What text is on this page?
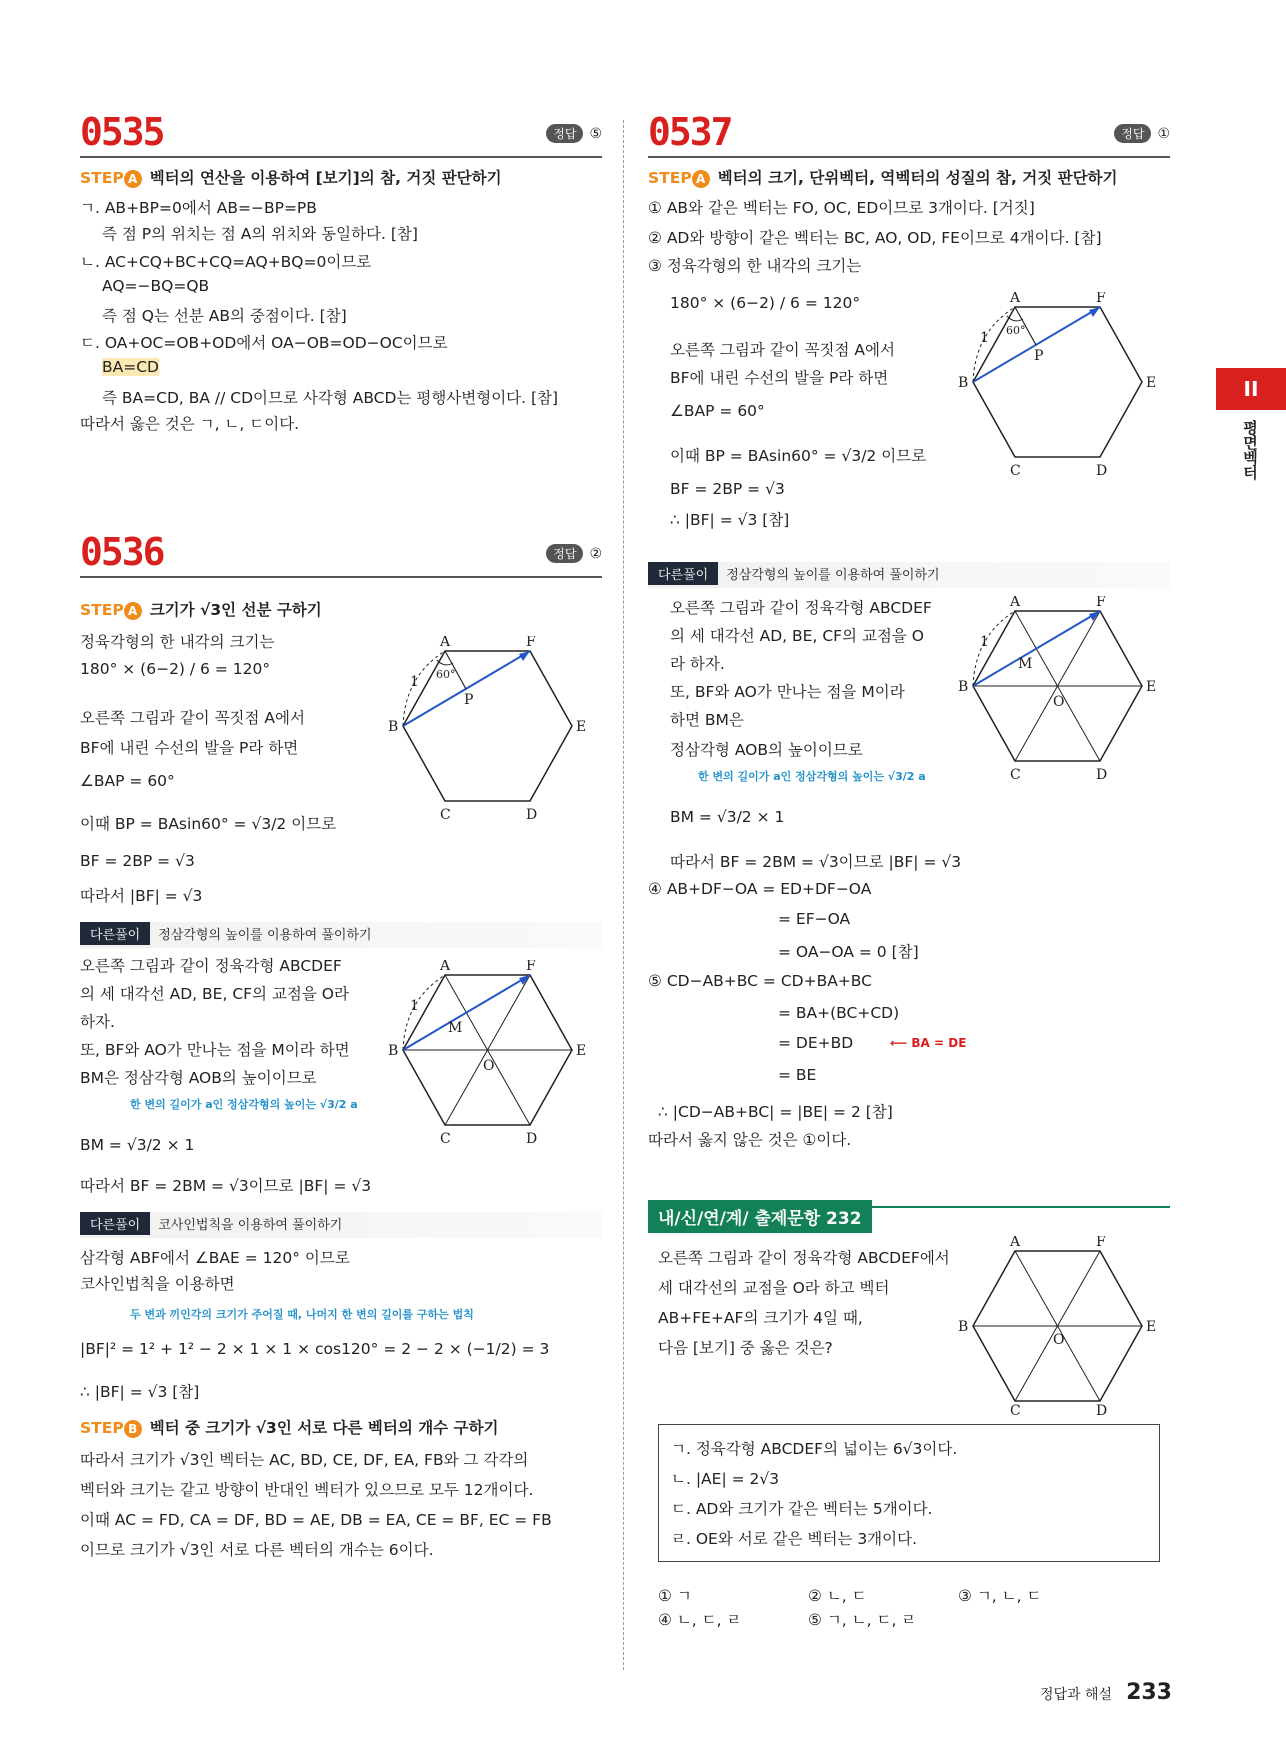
0535	정답 ⑤
STEP A 벡터의 연산을 이용하여 [보기]의 참, 거짓 판단하기
ㄱ. AB+BP=0에서 AB=−BP=PB
즉 점 P의 위치는 점 A의 위치와 동일하다. [참]
ㄴ. AC+CQ+BC+CQ=AQ+BQ=0이므로
AQ=−BQ=QB
즉 점 Q는 선분 AB의 중점이다. [참]
ㄷ. OA+OC=OB+OD에서 OA−OB=OD−OC이므로
BA=CD
즉 BA=CD, BA // CD이므로 사각형 ABCD는 평행사변형이다. [참]
따라서 옳은 것은 ㄱ, ㄴ, ㄷ이다.
0536	정답 ②
STEP A 크기가 √3인 선분 구하기
정육각형의 한 내각의 크기는
180° × (6−2) / 6 = 120°
오른쪽 그림과 같이 꼭짓점 A에서
BF에 내린 수선의 발을 P라 하면
∠BAP = 60°
이때 BP = BAsin60° = √3/2 이므로
BF = 2BP = √3
따라서 |BF| = √3
A	F
B	E
C	D
P
1 60°
다른풀이 정삼각형의 높이를 이용하여 풀이하기
오른쪽 그림과 같이 정육각형 ABCDEF
의 세 대각선 AD, BE, CF의 교점을 O라
하자.
또, BF와 AO가 만나는 점을 M이라 하면
BM은 정삼각형 AOB의 높이이므로
한 변의 길이가 a인 정삼각형의 높이는 √3/2 a
BM = √3/2 × 1
따라서 BF = 2BM = √3이므로 |BF| = √3
A	F
B	E
C	D
O
M
1
다른풀이 코사인법칙을 이용하여 풀이하기
삼각형 ABF에서 ∠BAE = 120° 이므로
코사인법칙을 이용하면
두 변과 끼인각의 크기가 주어질 때, 나머지 한 변의 길이를 구하는 법칙
|BF|² = 1² + 1² − 2 × 1 × 1 × cos120° = 2 − 2 × (−1/2) = 3
∴ |BF| = √3 [참]
STEP B 벡터 중 크기가 √3인 서로 다른 벡터의 개수 구하기
따라서 크기가 √3인 벡터는 AC, BD, CE, DF, EA, FB와 그 각각의
벡터와 크기는 같고 방향이 반대인 벡터가 있으므로 모두 12개이다.
이때 AC = FD, CA = DF, BD = AE, DB = EA, CE = BF, EC = FB
이므로 크기가 √3인 서로 다른 벡터의 개수는 6이다.
0537	정답 ①
STEP A 벡터의 크기, 단위벡터, 역벡터의 성질의 참, 거짓 판단하기
① AB와 같은 벡터는 FO, OC, ED이므로 3개이다. [거짓]
② AD와 방향이 같은 벡터는 BC, AO, OD, FE이므로 4개이다. [참]
③ 정육각형의 한 내각의 크기는
180° × (6−2) / 6 = 120°
오른쪽 그림과 같이 꼭짓점 A에서
BF에 내린 수선의 발을 P라 하면
∠BAP = 60°
이때 BP = BAsin60° = √3/2 이므로
BF = 2BP = √3
∴ |BF| = √3 [참]
A	F
B	E
C	D
P
1 60°
다른풀이 정삼각형의 높이를 이용하여 풀이하기
오른쪽 그림과 같이 정육각형 ABCDEF
의 세 대각선 AD, BE, CF의 교점을 O
라 하자.
또, BF와 AO가 만나는 점을 M이라
하면 BM은
정삼각형 AOB의 높이이므로
한 변의 길이가 a인 정삼각형의 높이는 √3/2 a
BM = √3/2 × 1
따라서 BF = 2BM = √3이므로 |BF| = √3
A	F
B	E
C	D
O
M
1
④ AB+DF−OA = ED+DF−OA
= EF−OA
= OA−OA = 0 [참]
⑤ CD−AB+BC = CD+BA+BC
= BA+(BC+CD)
= DE+BD	⟵ BA = DE
= BE
∴ |CD−AB+BC| = |BE| = 2 [참]
따라서 옳지 않은 것은 ①이다.
내/신/연/계/ 출제문항 232
오른쪽 그림과 같이 정육각형 ABCDEF에서
세 대각선의 교점을 O라 하고 벡터
AB+FE+AF의 크기가 4일 때,
다음 [보기] 중 옳은 것은?
A	F
B	E
C	D
O
ㄱ. 정육각형 ABCDEF의 넓이는 6√3이다.
ㄴ. |AE| = 2√3
ㄷ. AD와 크기가 같은 벡터는 5개이다.
ㄹ. OE와 서로 같은 벡터는 3개이다.
① ㄱ	② ㄴ, ㄷ	③ ㄱ, ㄴ, ㄷ
④ ㄴ, ㄷ, ㄹ	⑤ ㄱ, ㄴ, ㄷ, ㄹ
II
평면벡터
정답과 해설 233
